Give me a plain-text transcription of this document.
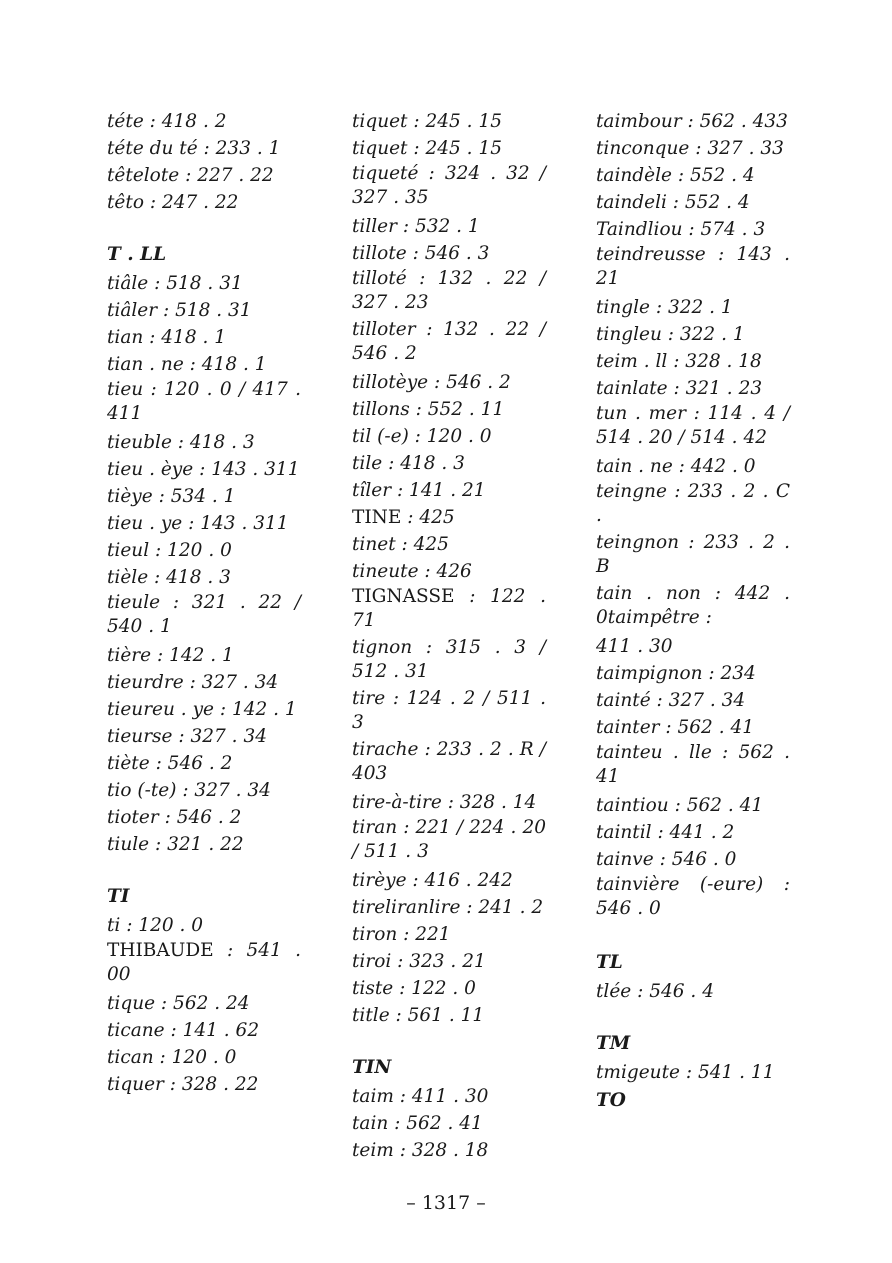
téte : 418 . 2
téte du té : 233 . 1
têtelote : 227 . 22
têto : 247 . 22
T . LL
tiâle : 518 . 31
tiâler : 518 . 31
tian : 418 . 1
tian . ne : 418 . 1
tieu : 120 . 0 / 417 . 411
tieuble : 418 . 3
tieu . èye : 143 . 311
tièye : 534 . 1
tieu . ye : 143 . 311
tieul : 120 . 0
tièle : 418 . 3
tieule : 321 . 22 / 540 . 1
tière : 142 . 1
tieurdre : 327 . 34
tieureu . ye : 142 . 1
tieurse : 327 . 34
tiète : 546 . 2
tio (-te) : 327 . 34
tioter : 546 . 2
tiule : 321 . 22
TI
ti : 120 . 0
THIBAUDE : 541 . 00
tique : 562 . 24
ticane : 141 . 62
tican : 120 . 0
tiquer : 328 . 22
tiquet : 245 . 15
tiquet : 245 . 15
tiqueté : 324 . 32 / 327 . 35
tiller : 532 . 1
tillote : 546 . 3
tilloté : 132 . 22 / 327 . 23
tilloter : 132 . 22 / 546 . 2
tillotèye : 546 . 2
tillons : 552 . 11
til (-e) : 120 . 0
tile : 418 . 3
tîler : 141 . 21
TINE : 425
tinet : 425
tineute : 426
TIGNASSE : 122 . 71
tignon : 315 . 3 / 512 . 31
tire : 124 . 2 / 511 . 3
tirache : 233 . 2 . R / 403
tire-à-tire : 328 . 14
tiran : 221 / 224 . 20 / 511 . 3
tirèye : 416 . 242
tireliranlire : 241 . 2
tiron : 221
tiroi : 323 . 21
tiste : 122 . 0
title : 561 . 11
TIN
taim : 411 . 30
tain : 562 . 41
teim : 328 . 18
taimbour : 562 . 433
tinconque : 327 . 33
taindèle : 552 . 4
taindeli : 552 . 4
Taindliou : 574 . 3
teindreusse : 143 . 21
tingle : 322 . 1
tingleu : 322 . 1
teim . ll : 328 . 18
tainlate : 321 . 23
tun . mer : 114 . 4 / 514 . 20 / 514 . 42
tain . ne : 442 . 0
teingne : 233 . 2 . C .
teingnon : 233 . 2 . B
tain . non : 442 . 0taimpêtre :
411 . 30
taimpignon : 234
tainté : 327 . 34
tainter : 562 . 41
tainteu . lle : 562 . 41
taintiou : 562 . 41
taintil : 441 . 2
tainve : 546 . 0
tainvière (-eure) : 546 . 0
TL
tlée : 546 . 4
TM
tmigeute : 541 . 11
TO
– 1317 –
